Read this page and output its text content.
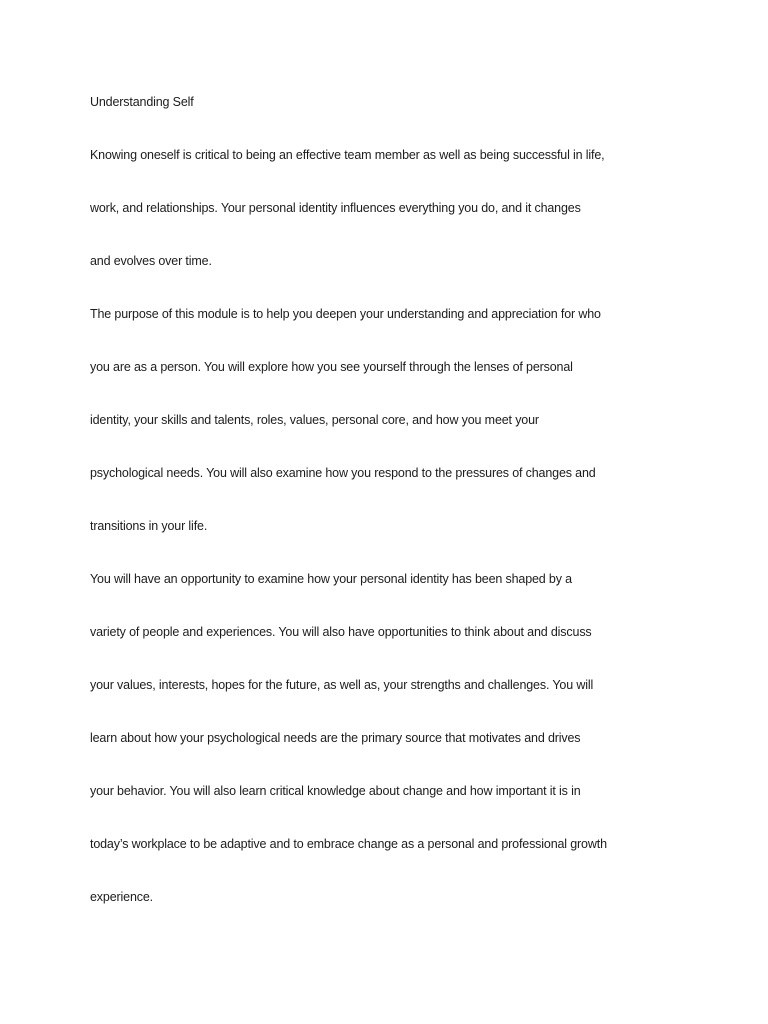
Understanding Self

Knowing oneself is critical to being an effective team member as well as being successful in life,

work, and relationships. Your personal identity influences everything you do, and it changes

and evolves over time.

The purpose of this module is to help you deepen your understanding and appreciation for who

you are as a person. You will explore how you see yourself through the lenses of personal

identity, your skills and talents, roles, values, personal core, and how you meet your

psychological needs. You will also examine how you respond to the pressures of changes and

transitions in your life.

You will have an opportunity to examine how your personal identity has been shaped by a

variety of people and experiences. You will also have opportunities to think about and discuss

your values, interests, hopes for the future, as well as, your strengths and challenges. You will

learn about how your psychological needs are the primary source that motivates and drives

your behavior. You will also learn critical knowledge about change and how important it is in

today’s workplace to be adaptive and to embrace change as a personal and professional growth

experience.
